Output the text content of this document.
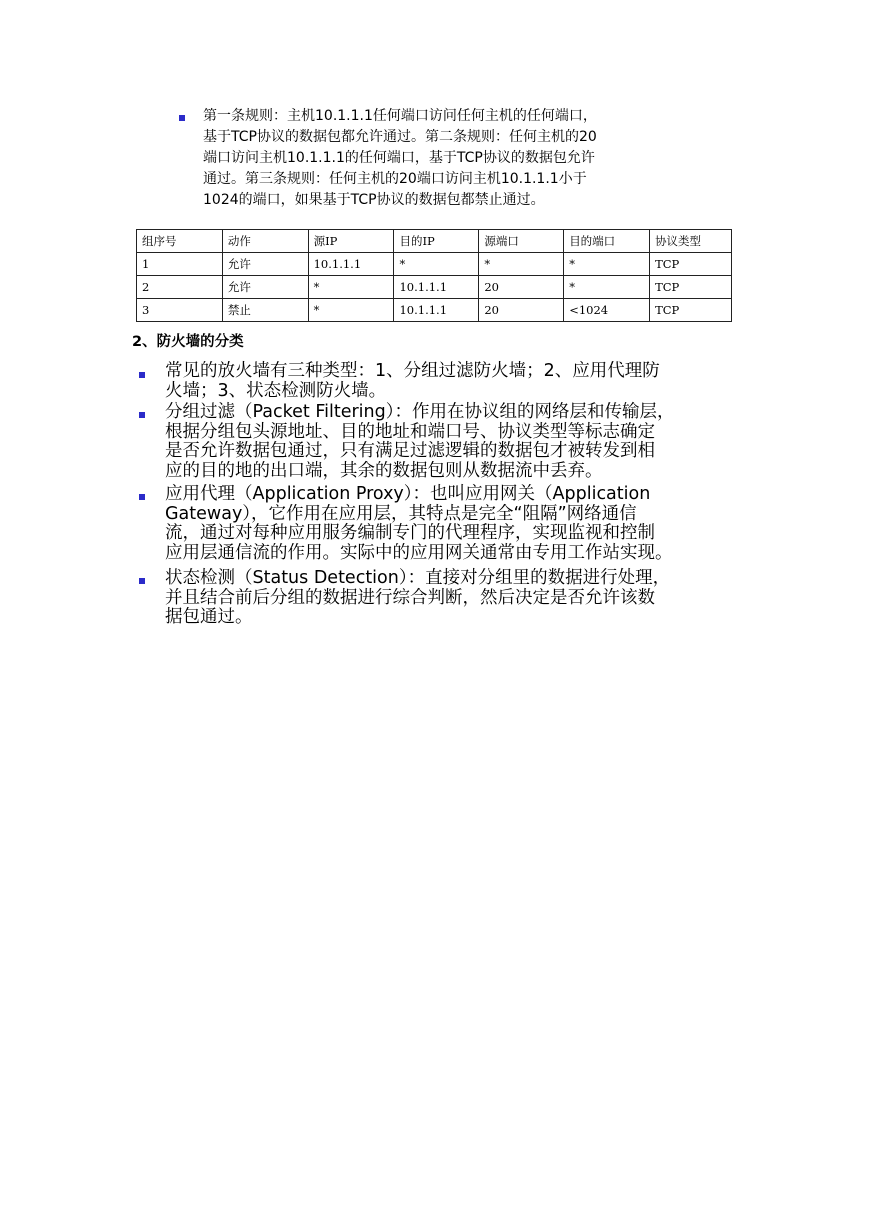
第一条规则：主机10.1.1.1任何端口访问任何主机的任何端口，
基于TCP协议的数据包都允许通过。第二条规则：任何主机的20
端口访问主机10.1.1.1的任何端口，基于TCP协议的数据包允许
通过。第三条规则：任何主机的20端口访问主机10.1.1.1小于
1024的端口，如果基于TCP协议的数据包都禁止通过。
组序号	动作	源IP	目的IP	源端口	目的端口	协议类型
1	允许	10.1.1.1	*	*	*	TCP
2	允许	*	10.1.1.1	20	*	TCP
3	禁止	*	10.1.1.1	20	<1024	TCP
2、防火墙的分类
常见的放火墙有三种类型：1、分组过滤防火墙；2、应用代理防
火墙；3、状态检测防火墙。
分组过滤（Packet Filtering）：作用在协议组的网络层和传输层，
根据分组包头源地址、目的地址和端口号、协议类型等标志确定
是否允许数据包通过，只有满足过滤逻辑的数据包才被转发到相
应的目的地的出口端，其余的数据包则从数据流中丢弃。
应用代理（Application Proxy）：也叫应用网关（Application
Gateway），它作用在应用层，其特点是完全“阻隔”网络通信
流，通过对每种应用服务编制专门的代理程序，实现监视和控制
应用层通信流的作用。实际中的应用网关通常由专用工作站实现。
状态检测（Status Detection）：直接对分组里的数据进行处理，
并且结合前后分组的数据进行综合判断，然后决定是否允许该数
据包通过。
